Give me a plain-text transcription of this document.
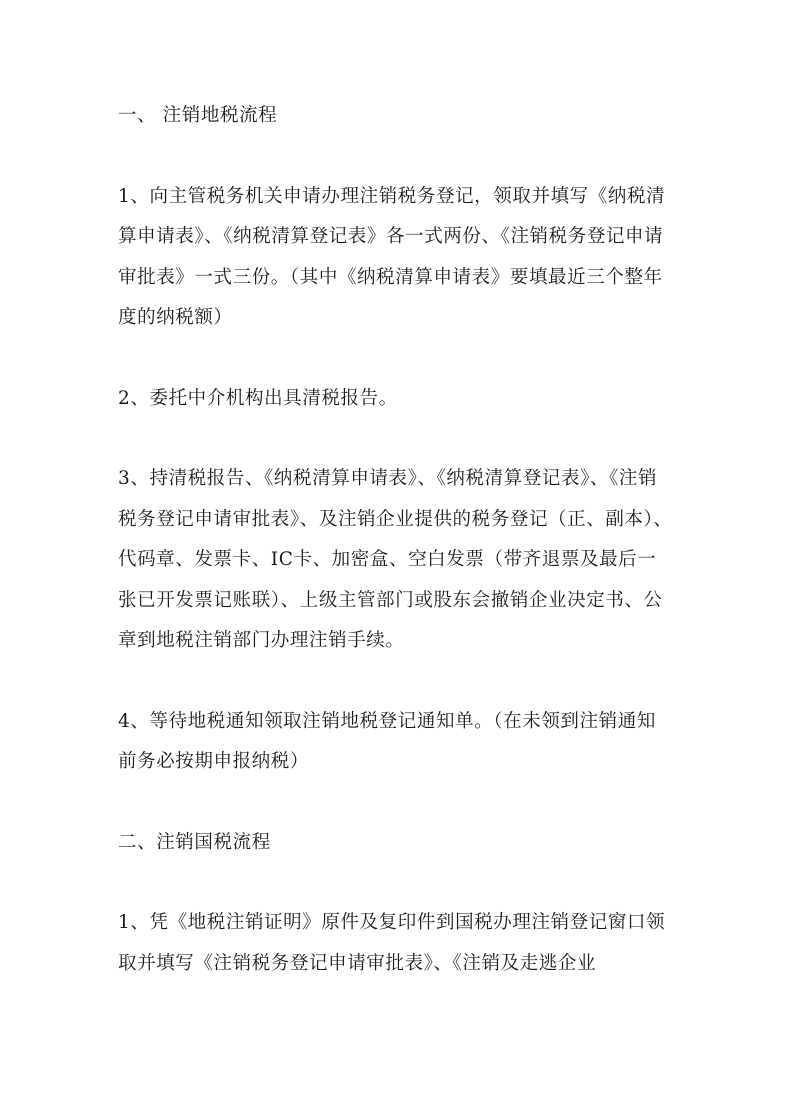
一、 注销地税流程

1、向主管税务机关申请办理注销税务登记，领取并填写《纳税清算申请表》、《纳税清算登记表》各一式两份、《注销税务登记申请审批表》一式三份。（其中《纳税清算申请表》要填最近三个整年度的纳税额）

2、委托中介机构出具清税报告。

3、持清税报告、《纳税清算申请表》、《纳税清算登记表》、《注销税务登记申请审批表》、及注销企业提供的税务登记（正、副本）、代码章、发票卡、IC卡、加密盒、空白发票（带齐退票及最后一张已开发票记账联）、上级主管部门或股东会撤销企业决定书、公章到地税注销部门办理注销手续。

4、等待地税通知领取注销地税登记通知单。（在未领到注销通知前务必按期申报纳税）

二、注销国税流程

1、凭《地税注销证明》原件及复印件到国税办理注销登记窗口领取并填写《注销税务登记申请审批表》、《注销及走逃企业
